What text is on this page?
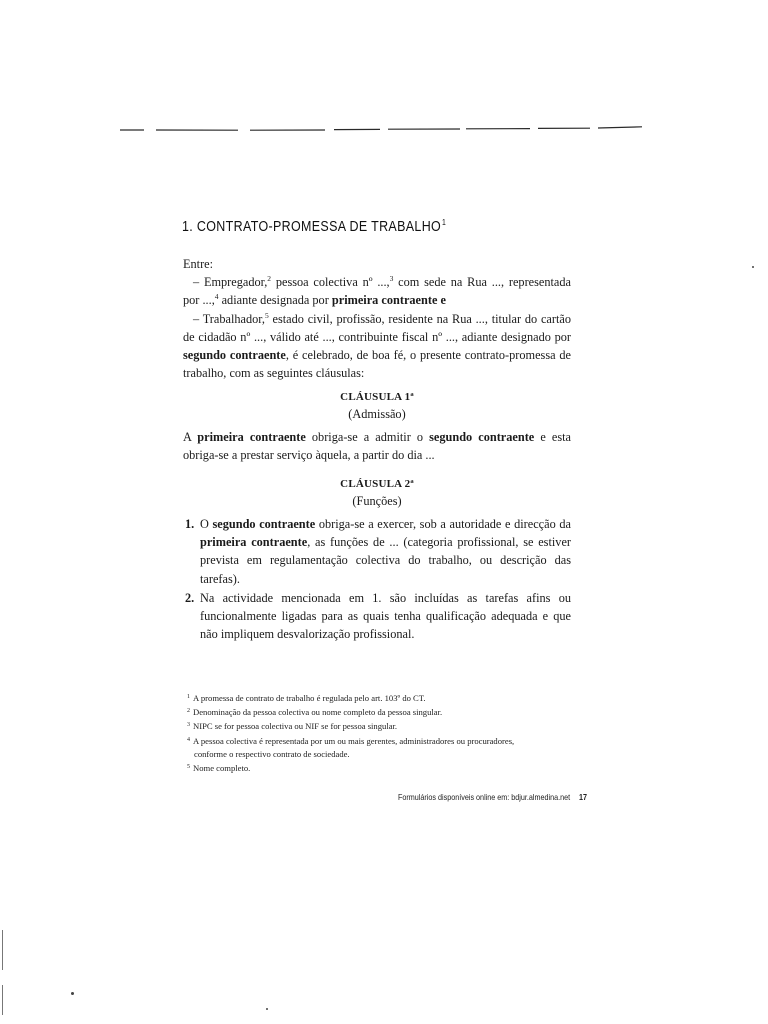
1. CONTRATO-PROMESSA DE TRABALHO$^1$

Entre:

– Empregador,$^2$ pessoa colectiva nº ...,$^3$ com sede na Rua ..., representada por ...,$^4$ adiante designada por primeira contraente e

– Trabalhador,$^5$ estado civil, profissão, residente na Rua ..., titular do cartão de cidadão nº ..., válido até ..., contribuinte fiscal nº ..., adiante designado por segundo contraente, é celebrado, de boa fé, o presente contrato-promessa de trabalho, com as seguintes cláusulas:

CLÁUSULA 1ª
(Admissão)

A primeira contraente obriga-se a admitir o segundo contraente e esta obriga-se a prestar serviço àquela, a partir do dia ...

CLÁUSULA 2ª
(Funções)

1. O segundo contraente obriga-se a exercer, sob a autoridade e direcção da primeira contraente, as funções de ... (categoria profissional, se estiver prevista em regulamentação colectiva do trabalho, ou descrição das tarefas).

2. Na actividade mencionada em 1. são incluídas as tarefas afins ou funcionalmente ligadas para as quais tenha qualificação adequada e que não impliquem desvalorização profissional.

$^1$ A promessa de contrato de trabalho é regulada pelo art. 103º do CT.
$^2$ Denominação da pessoa colectiva ou nome completo da pessoa singular.
$^3$ NIPC se for pessoa colectiva ou NIF se for pessoa singular.
$^4$ A pessoa colectiva é representada por um ou mais gerentes, administradores ou procuradores,
conforme o respectivo contrato de sociedade.
$^5$ Nome completo.
Formulários disponíveis online em: bdjur.almedina.net 17
